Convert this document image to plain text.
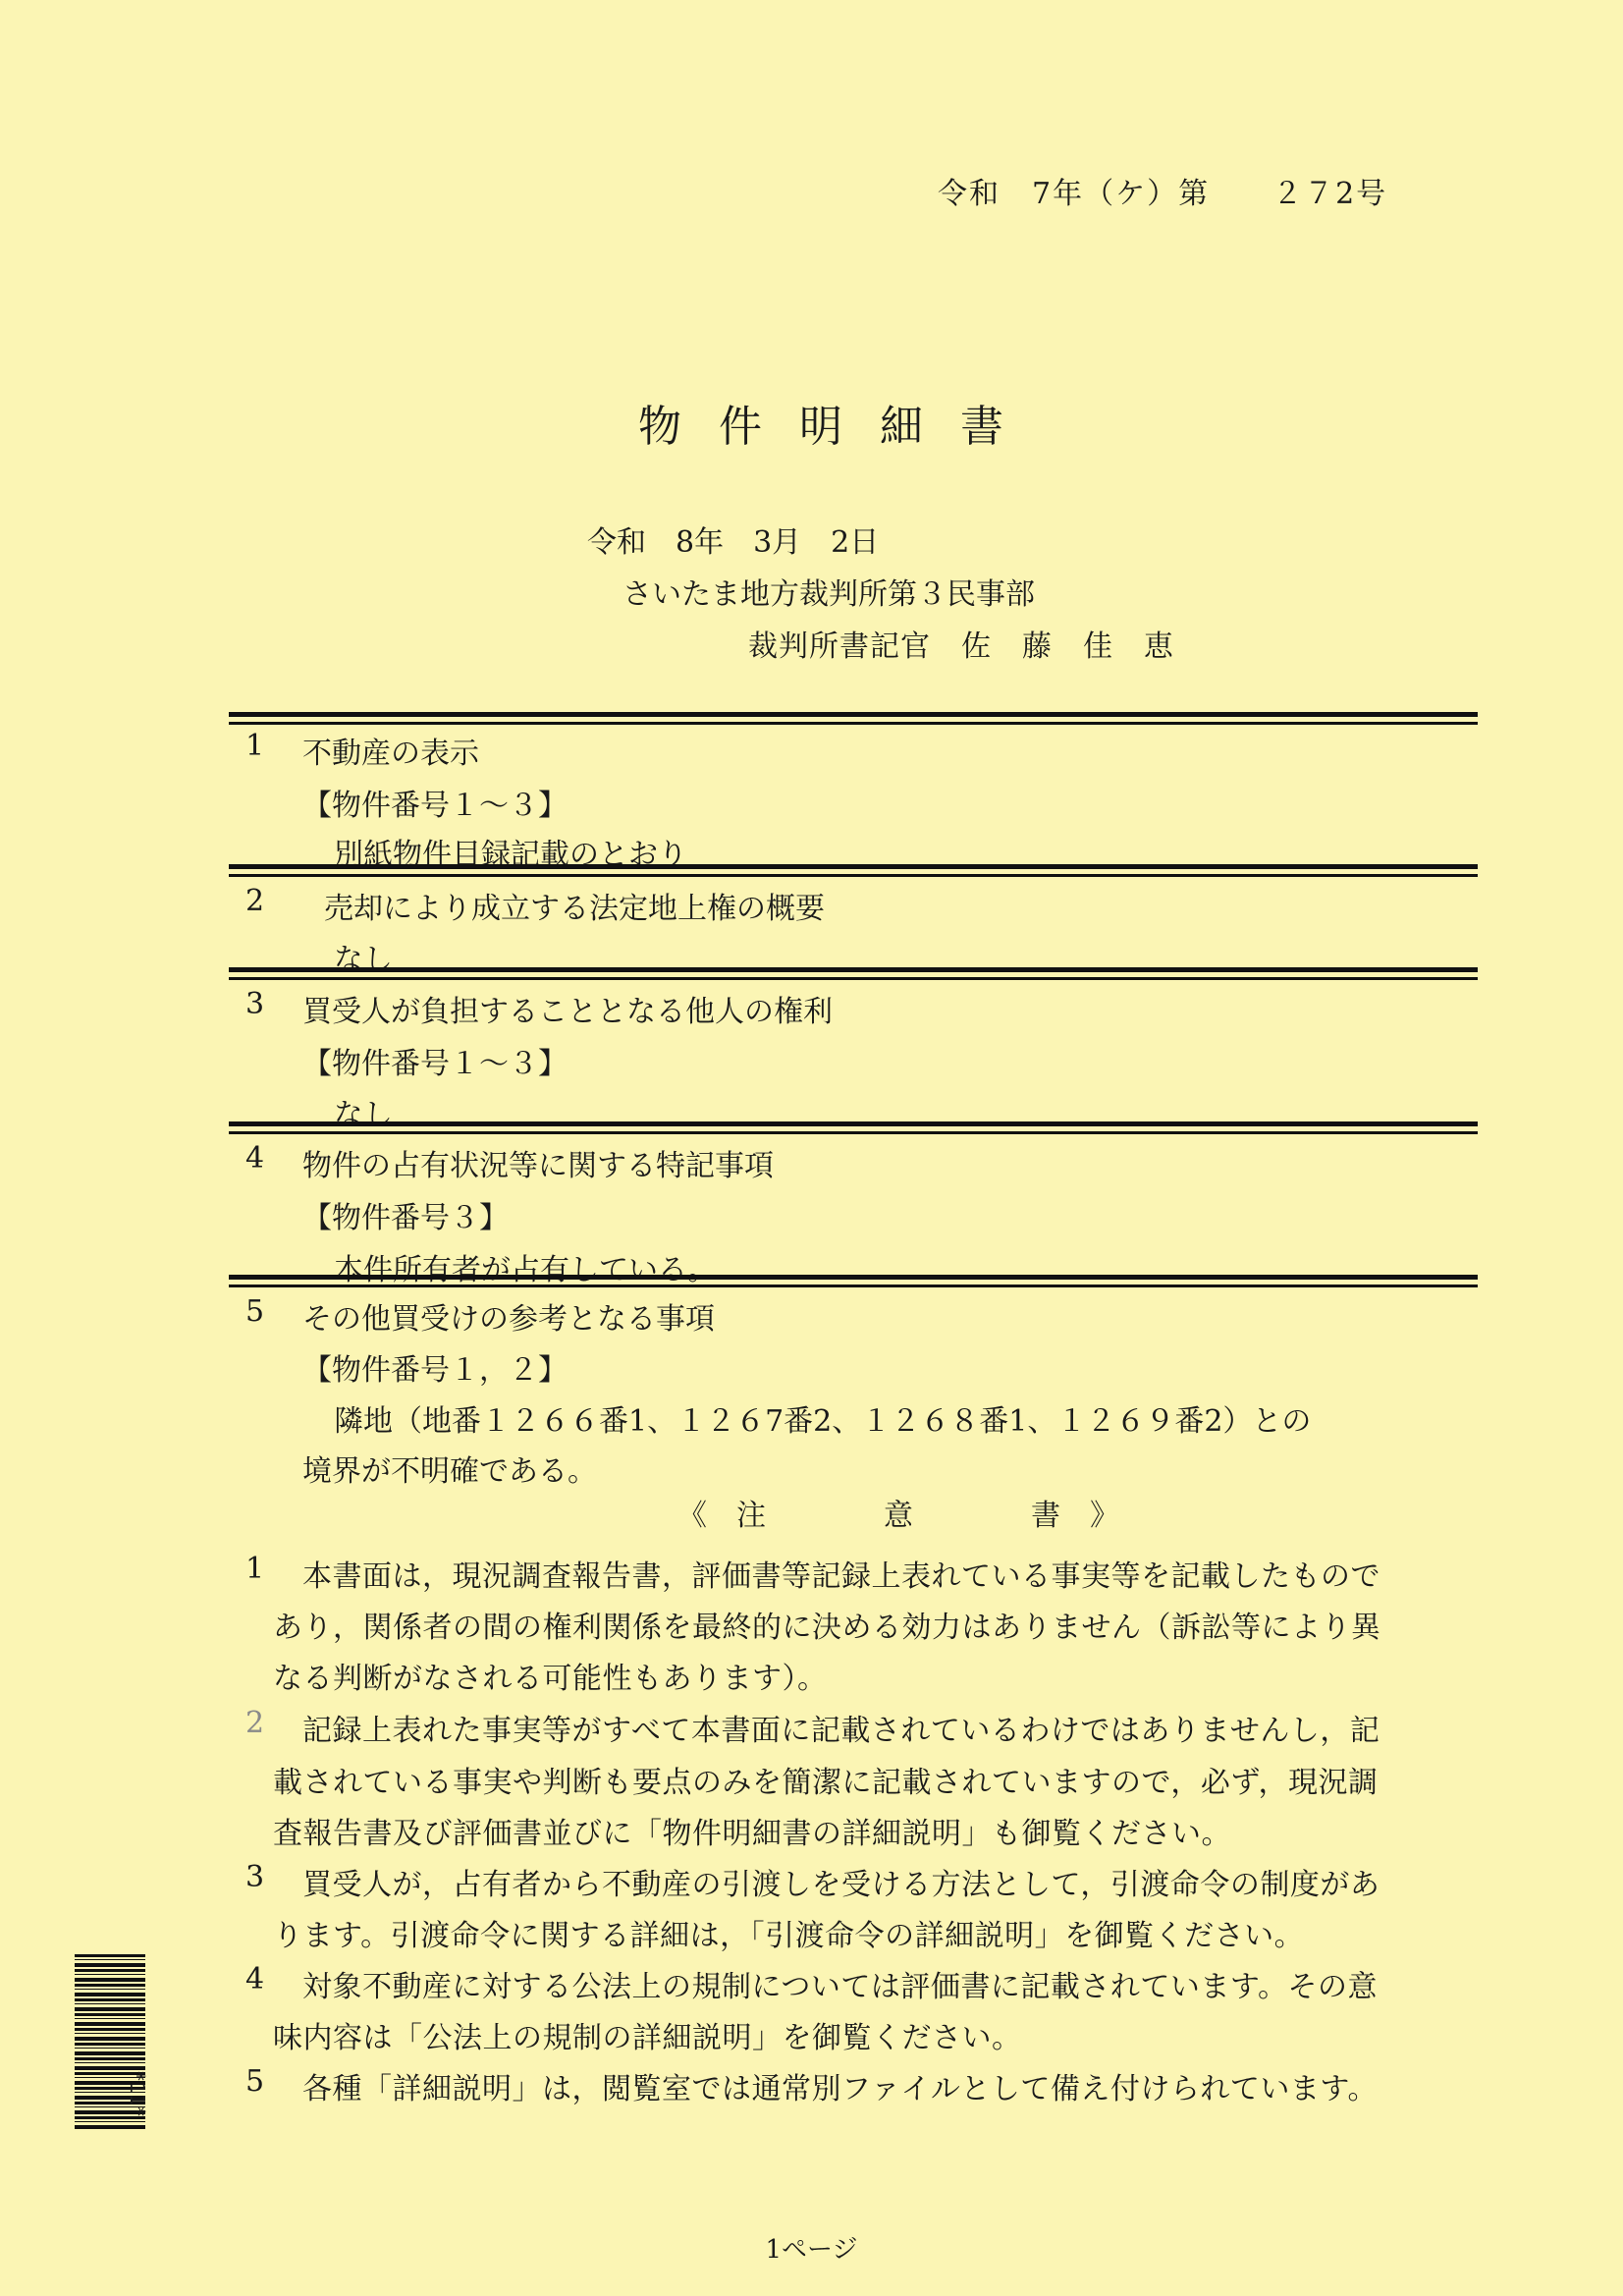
令和　7年（ケ）第　　２７2号
物件明細書
令和　8年　3月　2日
さいたま地方裁判所第３民事部
裁判所書記官　佐　藤　佳　恵
1 不動産の表示
【物件番号１～３】
別紙物件目録記載のとおり
2 売却により成立する法定地上権の概要
なし
3 買受人が負担することとなる他人の権利
【物件番号１～３】
なし
4 物件の占有状況等に関する特記事項
【物件番号３】
本件所有者が占有している。
5 その他買受けの参考となる事項
【物件番号１，２】
隣地（地番１２６６番1、１２６7番2、１２６８番1、１２６９番2）との
境界が不明確である。
《　注　　　　意　　　　書　》
1 本書面は，現況調査報告書，評価書等記録上表れている事実等を記載したもので
あり，関係者の間の権利関係を最終的に決める効力はありません（訴訟等により異
なる判断がなされる可能性もあります）。
2 記録上表れた事実等がすべて本書面に記載されているわけではありませんし，記
載されている事実や判断も要点のみを簡潔に記載されていますので，必ず，現況調
査報告書及び評価書並びに「物件明細書の詳細説明」も御覧ください。
3 買受人が，占有者から不動産の引渡しを受ける方法として，引渡命令の制度があ
ります。引渡命令に関する詳細は，「引渡命令の詳細説明」を御覧ください。
4 対象不動産に対する公法上の規制については評価書に記載されています。その意
味内容は「公法上の規制の詳細説明」を御覧ください。
5 各種「詳細説明」は，閲覧室では通常別ファイルとして備え付けられています。
*11*
1ページ
